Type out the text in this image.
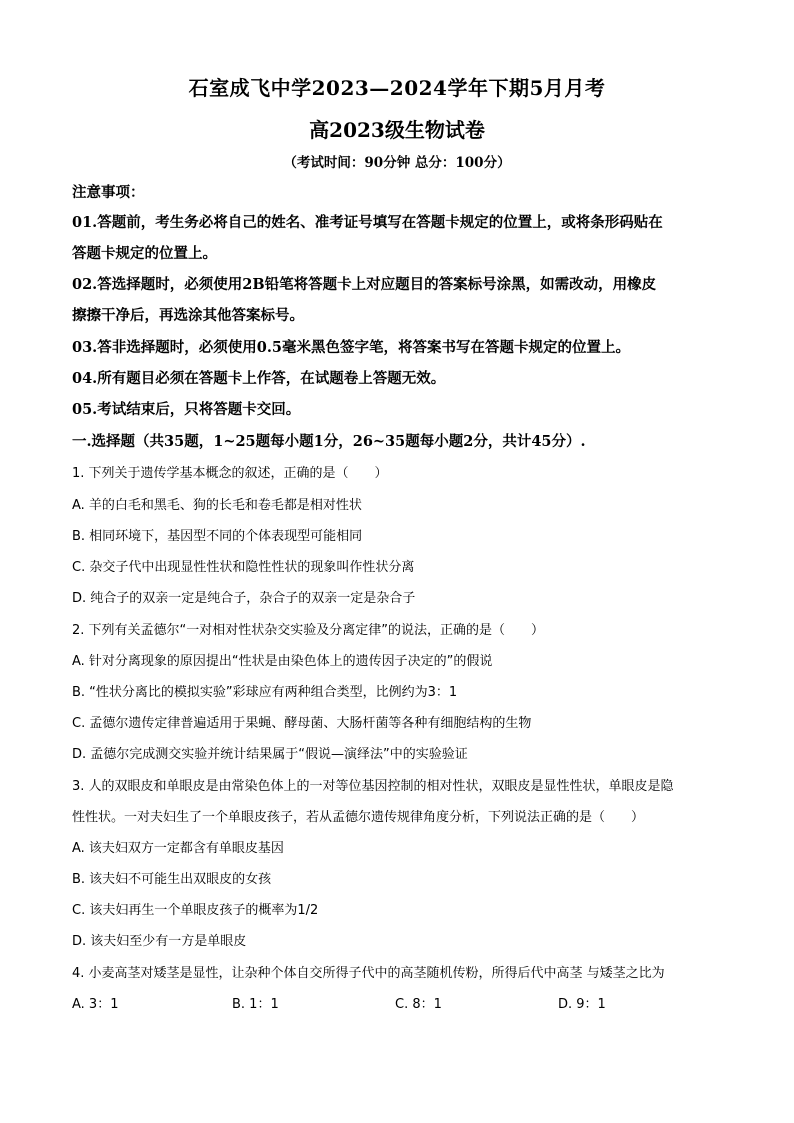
石室成飞中学2023—2024学年下期5月月考
高2023级生物试卷
（考试时间：90分钟 总分：100分）
注意事项：
01.答题前，考生务必将自己的姓名、准考证号填写在答题卡规定的位置上，或将条形码贴在
答题卡规定的位置上。
02.答选择题时，必须使用2B铅笔将答题卡上对应题目的答案标号涂黑，如需改动，用橡皮
擦擦干净后，再选涂其他答案标号。
03.答非选择题时，必须使用0.5毫米黑色签字笔，将答案书写在答题卡规定的位置上。
04.所有题目必须在答题卡上作答，在试题卷上答题无效。
05.考试结束后，只将答题卡交回。
一.选择题（共35题，1~25题每小题1分，26~35题每小题2分，共计45分）.
1. 下列关于遗传学基本概念的叙述，正确的是（　　）
A. 羊的白毛和黑毛、狗的长毛和卷毛都是相对性状
B. 相同环境下，基因型不同的个体表现型可能相同
C. 杂交子代中出现显性性状和隐性性状的现象叫作性状分离
D. 纯合子的双亲一定是纯合子，杂合子的双亲一定是杂合子
2. 下列有关孟德尔“一对相对性状杂交实验及分离定律”的说法，正确的是（　　）
A. 针对分离现象的原因提出“性状是由染色体上的遗传因子决定的”的假说
B. “性状分离比的模拟实验”彩球应有两种组合类型，比例约为3：1
C. 孟德尔遗传定律普遍适用于果蝇、酵母菌、大肠杆菌等各种有细胞结构的生物
D. 孟德尔完成测交实验并统计结果属于“假说—演绎法”中的实验验证
3. 人的双眼皮和单眼皮是由常染色体上的一对等位基因控制的相对性状，双眼皮是显性性状，单眼皮是隐
性性状。一对夫妇生了一个单眼皮孩子，若从孟德尔遗传规律角度分析，下列说法正确的是（　　）
A. 该夫妇双方一定都含有单眼皮基因
B. 该夫妇不可能生出双眼皮的女孩
C. 该夫妇再生一个单眼皮孩子的概率为1/2
D. 该夫妇至少有一方是单眼皮
4. 小麦高茎对矮茎是显性，让杂种个体自交所得子代中的高茎随机传粉，所得后代中高茎 与矮茎之比为
A. 3：1	B. 1：1	C. 8：1	D. 9：1
